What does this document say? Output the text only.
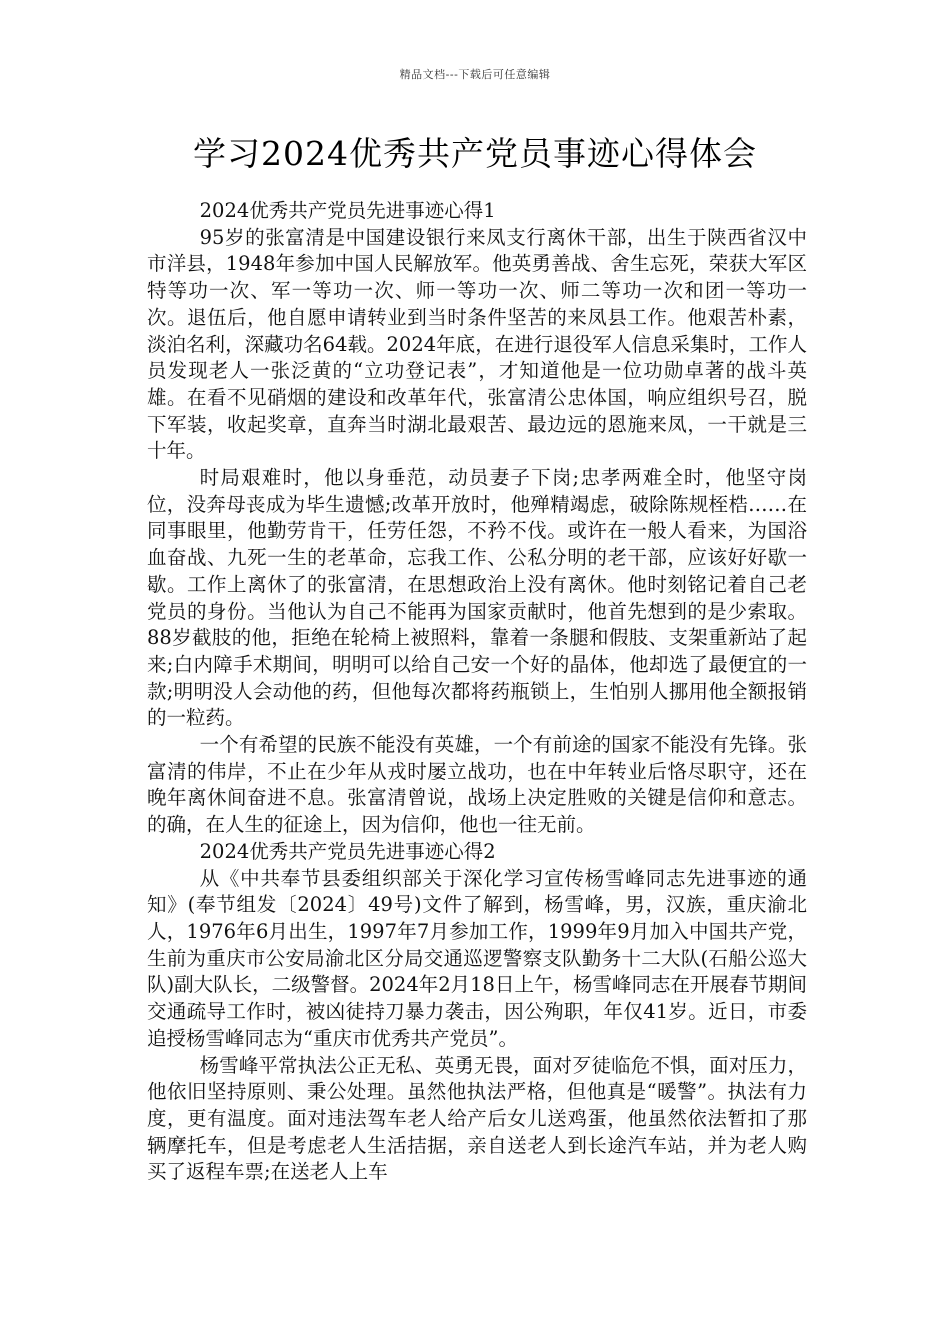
精品文档---下载后可任意编辑
学习2024优秀共产党员事迹心得体会

2024优秀共产党员先进事迹心得1

95岁的张富清是中国建设银行来凤支行离休干部，出生于陕西省汉中市洋县，1948年参加中国人民解放军。他英勇善战、舍生忘死，荣获大军区特等功一次、军一等功一次、师一等功一次、师二等功一次和团一等功一次。退伍后，他自愿申请转业到当时条件坚苦的来凤县工作。他艰苦朴素，淡泊名利，深藏功名64载。2024年底，在进行退役军人信息采集时，工作人员发现老人一张泛黄的“立功登记表”，才知道他是一位功勋卓著的战斗英雄。在看不见硝烟的建设和改革年代，张富清公忠体国，响应组织号召，脱下军装，收起奖章，直奔当时湖北最艰苦、最边远的恩施来凤，一干就是三十年。

时局艰难时，他以身垂范，动员妻子下岗;忠孝两难全时，他坚守岗位，没奔母丧成为毕生遗憾;改革开放时，他殚精竭虑，破除陈规桎梏……在同事眼里，他勤劳肯干，任劳任怨，不矜不伐。或许在一般人看来，为国浴血奋战、九死一生的老革命，忘我工作、公私分明的老干部，应该好好歇一歇。工作上离休了的张富清，在思想政治上没有离休。他时刻铭记着自己老党员的身份。当他认为自己不能再为国家贡献时，他首先想到的是少索取。88岁截肢的他，拒绝在轮椅上被照料，靠着一条腿和假肢、支架重新站了起来;白内障手术期间，明明可以给自己安一个好的晶体，他却选了最便宜的一款;明明没人会动他的药，但他每次都将药瓶锁上，生怕别人挪用他全额报销的一粒药。

一个有希望的民族不能没有英雄，一个有前途的国家不能没有先锋。张富清的伟岸，不止在少年从戎时屡立战功，也在中年转业后恪尽职守，还在晚年离休间奋进不息。张富清曾说，战场上决定胜败的关键是信仰和意志。的确，在人生的征途上，因为信仰，他也一往无前。

2024优秀共产党员先进事迹心得2

从《中共奉节县委组织部关于深化学习宣传杨雪峰同志先进事迹的通知》(奉节组发〔2024〕49号)文件了解到，杨雪峰，男，汉族，重庆渝北人，1976年6月出生，1997年7月参加工作，1999年9月加入中国共产党，生前为重庆市公安局渝北区分局交通巡逻警察支队勤务十二大队(石船公巡大队)副大队长，二级警督。2024年2月18日上午，杨雪峰同志在开展春节期间交通疏导工作时，被凶徒持刀暴力袭击，因公殉职，年仅41岁。近日，市委追授杨雪峰同志为“重庆市优秀共产党员”。

杨雪峰平常执法公正无私、英勇无畏，面对歹徒临危不惧，面对压力，他依旧坚持原则、秉公处理。虽然他执法严格，但他真是“暖警”。执法有力度，更有温度。面对违法驾车老人给产后女儿送鸡蛋，他虽然依法暂扣了那辆摩托车，但是考虑老人生活拮据，亲自送老人到长途汽车站，并为老人购买了返程车票;在送老人上车
